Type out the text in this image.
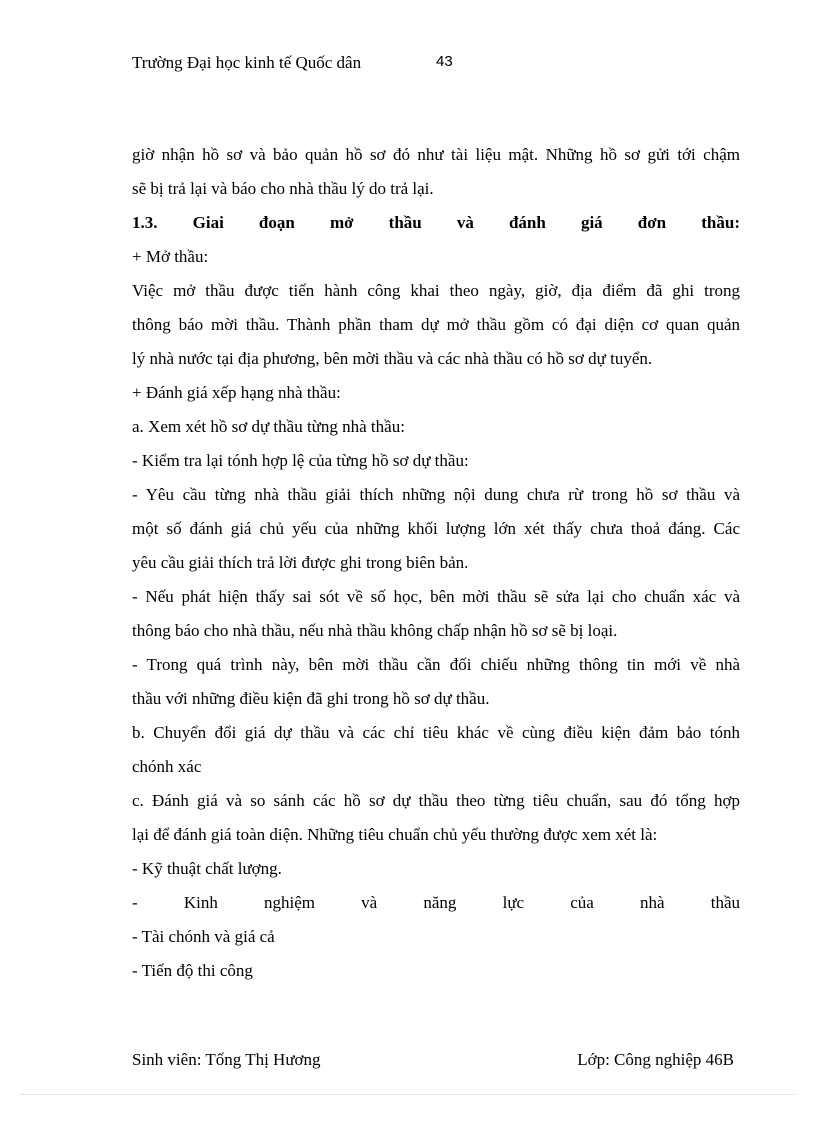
Trường Đại học kinh tế Quốc dân	43
giờ nhận hồ sơ và bảo quản hồ sơ đó như tài liệu mật. Những hồ sơ gửi tới chậm
sẽ bị trả lại và báo cho nhà thầu lý do trả lại.
1.3. Giai đoạn mở thầu và đánh giá đơn thầu:
+ Mở thầu:
Việc mở thầu được tiến hành công khai theo ngày, giờ, địa điểm đã ghi trong
thông báo mời thầu. Thành phần tham dự mở thầu gồm có đại diện cơ quan quản
lý nhà nước tại địa phương, bên mời thầu và các nhà thầu có hồ sơ dự tuyển.
+ Đánh giá xếp hạng nhà thầu:
a. Xem xét hồ sơ dự thầu từng nhà thầu:
- Kiểm tra lại tónh hợp lệ của từng hồ sơ dự thầu:
- Yêu cầu từng nhà thầu giải thích những nội dung chưa rừ trong hồ sơ thầu và
một số đánh giá chủ yếu của những khối lượng lớn xét thấy chưa thoả đáng. Các
yêu cầu giải thích trả lời được ghi trong biên bản.
- Nếu phát hiện thấy sai sót về số học, bên mời thầu sẽ sửa lại cho chuẩn xác và
thông báo cho nhà thầu, nếu nhà thầu không chấp nhận hồ sơ sẽ bị loại.
- Trong quá trình này, bên mời thầu cần đối chiếu những thông tin mới về nhà
thầu với những điều kiện đã ghi trong hồ sơ dự thầu.
b. Chuyển đổi giá dự thầu và các chỉ tiêu khác về cùng điều kiện đảm bảo tónh
chónh xác
c. Đánh giá và so sánh các hồ sơ dự thầu theo từng tiêu chuẩn, sau đó tổng hợp
lại để đánh giá toàn diện. Những tiêu chuẩn chủ yếu thường được xem xét là:
- Kỹ thuật chất lượng.
- Kinh nghiệm và năng lực của nhà thầu
- Tài chónh và giá cả
- Tiến độ thi công
Sinh viên: Tống Thị Hương	Lớp: Công nghiệp 46B
